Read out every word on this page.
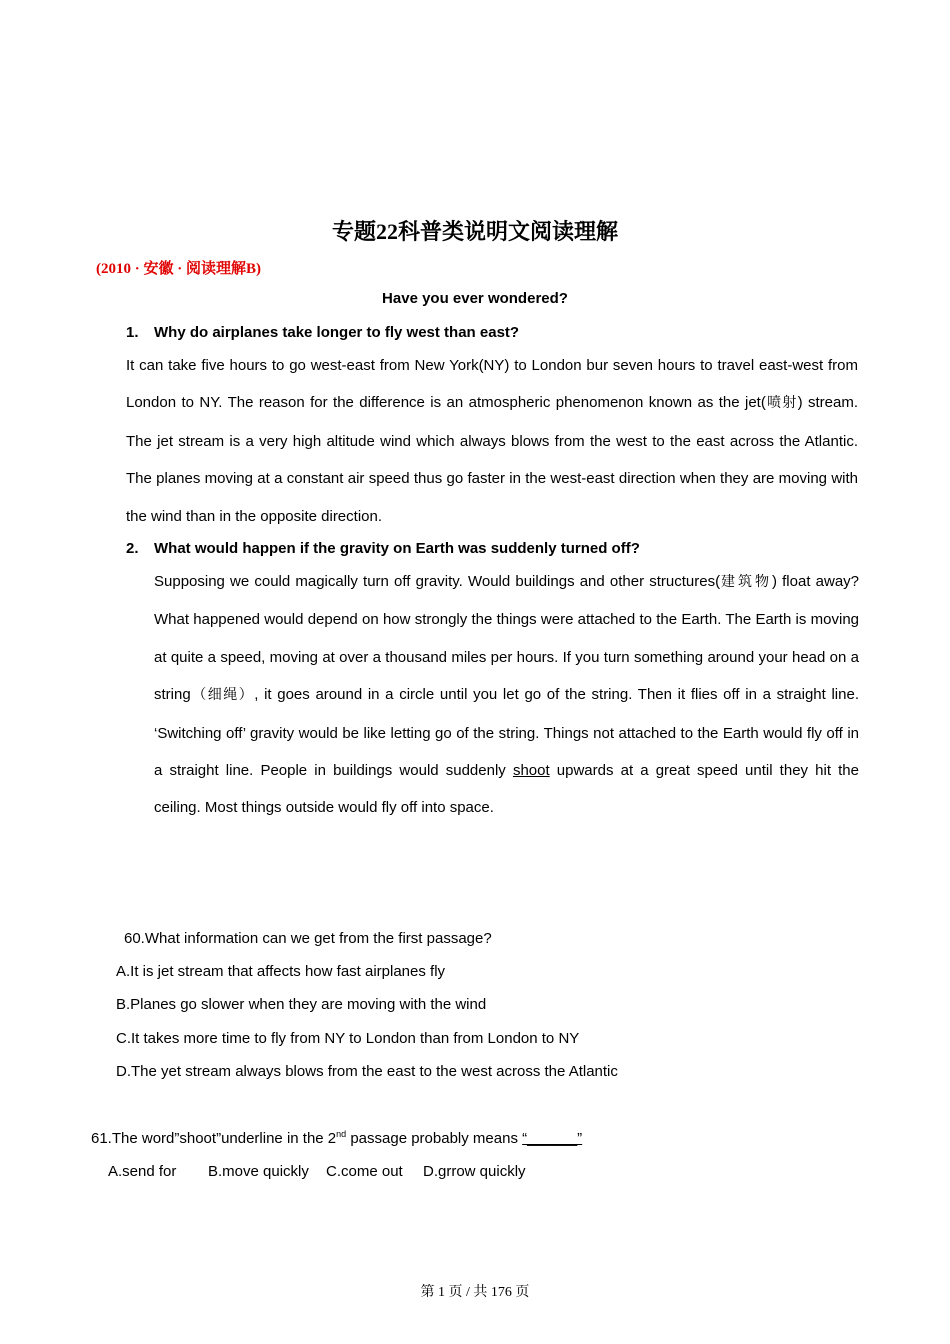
专题22科普类说明文阅读理解
(2010 · 安徽 · 阅读理解B)
Have you ever wondered?
1. Why do airplanes take longer to fly west than east?
It can take five hours to go west-east from New York(NY) to London bur seven hours to travel east-west from London to NY. The reason for the difference is an atmospheric phenomenon known as the jet(喷射) stream. The jet stream is a very high altitude wind which always blows from the west to the east across the Atlantic. The planes moving at a constant air speed thus go faster in the west-east direction when they are moving with the wind than in the opposite direction.
2. What would happen if the gravity on Earth was suddenly turned off?
Supposing we could magically turn off gravity. Would buildings and other structures(建筑物) float away? What happened would depend on how strongly the things were attached to the Earth. The Earth is moving at quite a speed, moving at over a thousand miles per hours. If you turn something around your head on a string（细绳）, it goes around in a circle until you let go of the string. Then it flies off in a straight line. ‘Switching off’ gravity would be like letting go of the string. Things not attached to the Earth would fly off in a straight line. People in buildings would suddenly shoot upwards at a great speed until they hit the ceiling. Most things outside would fly off into space.
60.What information can we get from the first passage?
A.It is jet stream that affects how fast airplanes fly
B.Planes go slower when they are moving with the wind
C.It takes more time to fly from NY to London than from London to NY
D.The yet stream always blows from the east to the west across the Atlantic
61.The word”shoot”underline in the 2nd passage probably means “______”
A.send for B.move quickly C.come out D.grrow quickly
第 1 页 / 共 176 页
